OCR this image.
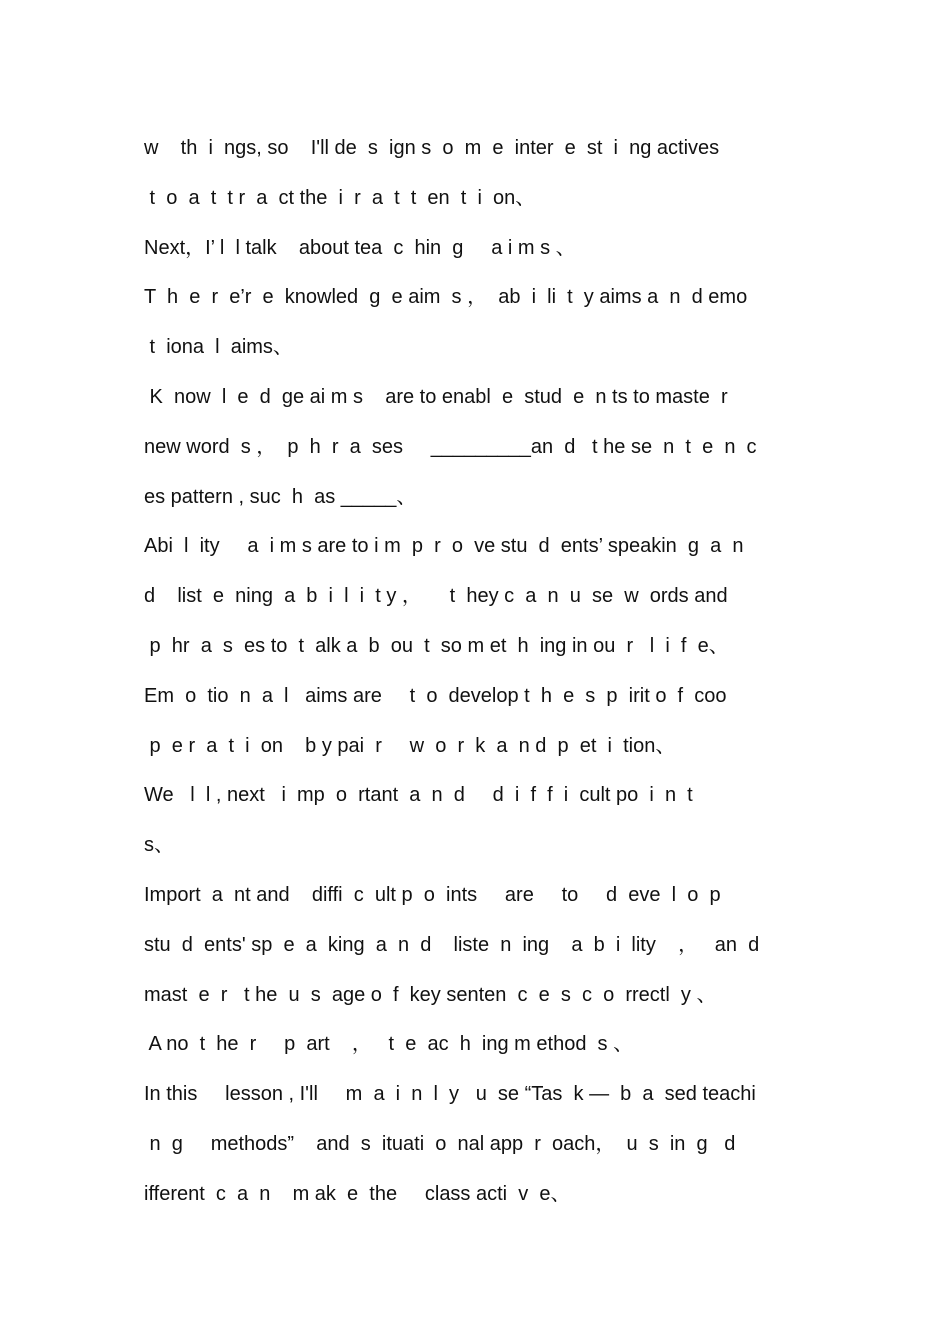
w    th  i  ngs, so    I'll de  s  ign s  o  m  e  inter  e  st  i  ng actives
t  o  a  t  t r  a  ct the  i  r  a  t  t  en  t  i  on、
Next，I’ l  l talk    about tea  c  hin  g     a i m s 、
T  h  e  r  e’r  e  knowled  g  e aim  s ，  ab  i  li  t  y aims a  n  d emo
t  iona  l  aims、
K  now  l  e  d  ge ai m s    are to enabl  e  stud  e  n ts to maste  r
new word  s ，  p  h  r  a  ses     _________an  d   t he se  n  t  e  n  c
es pattern , suc  h  as _____、
Abi  l  ity     a  i m s are to i m  p  r  o  ve stu  d  ents’ speakin  g  a  n
d    list  e  ning  a  b  i  l  i  t y ，     t  hey c  a  n  u  se  w  ords and
p  hr  a  s  es to  t  alk a  b  ou  t  so m et  h  ing in ou  r   l  i  f  e、
Em  o  tio  n  a  l   aims are     t  o  develop t  h  e  s  p  irit o  f  coo
p  e r  a  t  i  on    b y pai  r     w  o  r  k  a  n d  p  et  i  tion、
We   l  l , next   i  mp  o  rtant  a  n  d     d  i  f  f  i  cult po  i  n  t
s、
Import  a  nt and    diffi  c  ult p  o  ints     are     to     d  eve  l  o  p
stu  d  ents' sp  e  a  king  a  n  d    liste  n  ing    a  b  i  lity    ，   an  d
mast  e  r   t he  u  s  age o  f  key senten  c  e  s  c  o  rrectl  y 、
A no  t  he  r     p  art    ，   t  e  ac  h  ing m ethod  s 、
In this     lesson , I'll     m  a  i  n  l  y   u  se “Tas  k —  b  a  sed teachi
n  g     methods”    and  s  ituati  o  nal app  r  oach，  u  s  in  g   d
ifferent  c  a  n    m ak  e  the     class acti  v  e、
